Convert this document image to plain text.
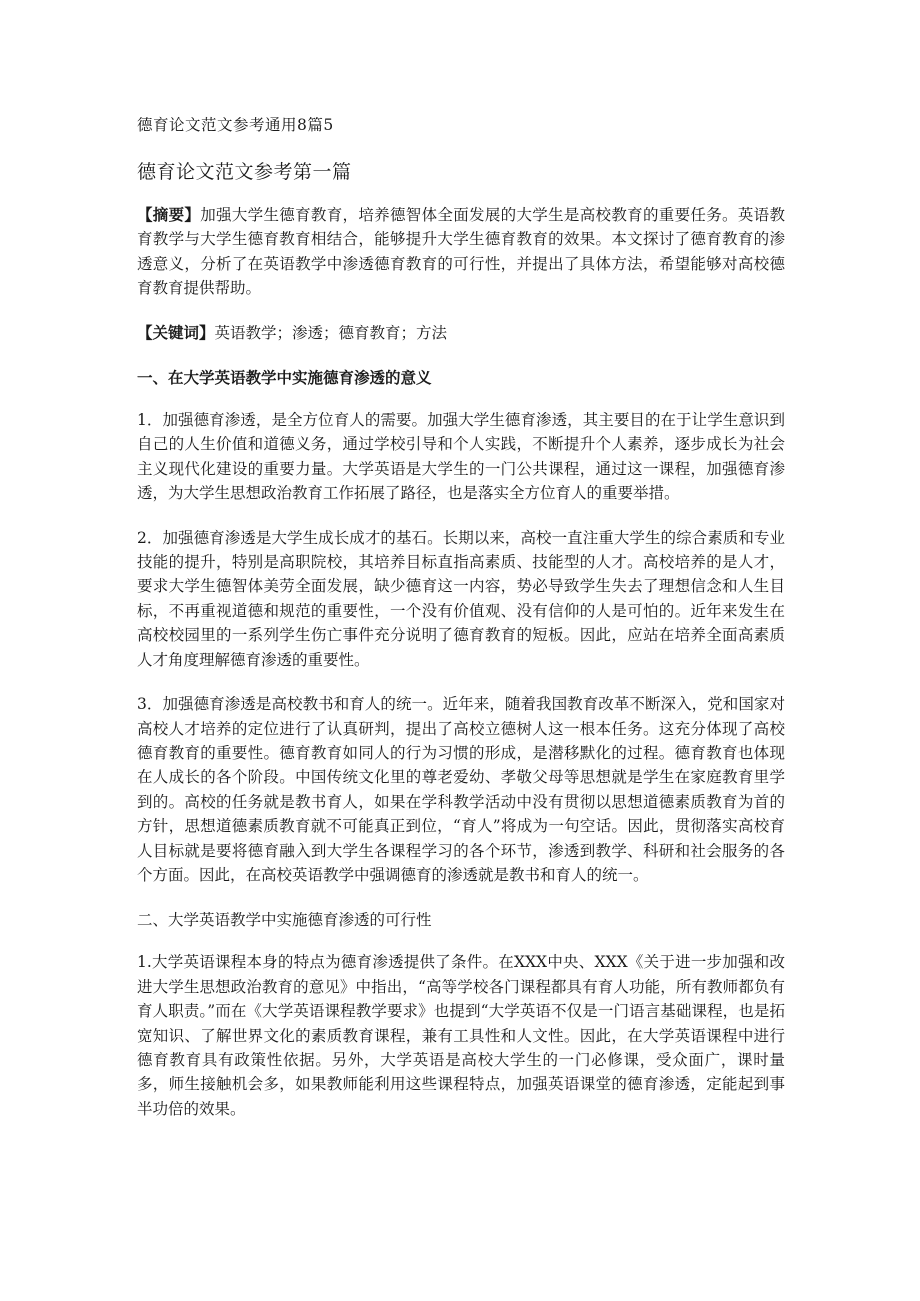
德育论文范文参考通用8篇5
德育论文范文参考第一篇

【摘要】加强大学生德育教育，培养德智体全面发展的大学生是高校教育的重要任务。英语教育教学与大学生德育教育相结合，能够提升大学生德育教育的效果。本文探讨了德育教育的渗透意义，分析了在英语教学中渗透德育教育的可行性，并提出了具体方法，希望能够对高校德育教育提供帮助。

【关键词】英语教学；渗透；德育教育；方法

一、在大学英语教学中实施德育渗透的意义

1．加强德育渗透，是全方位育人的需要。加强大学生德育渗透，其主要目的在于让学生意识到自己的人生价值和道德义务，通过学校引导和个人实践，不断提升个人素养，逐步成长为社会主义现代化建设的重要力量。大学英语是大学生的一门公共课程，通过这一课程，加强德育渗透，为大学生思想政治教育工作拓展了路径，也是落实全方位育人的重要举措。

2．加强德育渗透是大学生成长成才的基石。长期以来，高校一直注重大学生的综合素质和专业技能的提升，特别是高职院校，其培养目标直指高素质、技能型的人才。高校培养的是人才，要求大学生德智体美劳全面发展，缺少德育这一内容，势必导致学生失去了理想信念和人生目标，不再重视道德和规范的重要性，一个没有价值观、没有信仰的人是可怕的。近年来发生在高校校园里的一系列学生伤亡事件充分说明了德育教育的短板。因此，应站在培养全面高素质人才角度理解德育渗透的重要性。

3．加强德育渗透是高校教书和育人的统一。近年来，随着我国教育改革不断深入，党和国家对高校人才培养的定位进行了认真研判，提出了高校立德树人这一根本任务。这充分体现了高校德育教育的重要性。德育教育如同人的行为习惯的形成，是潜移默化的过程。德育教育也体现在人成长的各个阶段。中国传统文化里的尊老爱幼、孝敬父母等思想就是学生在家庭教育里学到的。高校的任务就是教书育人，如果在学科教学活动中没有贯彻以思想道德素质教育为首的方针，思想道德素质教育就不可能真正到位，“育人”将成为一句空话。因此，贯彻落实高校育人目标就是要将德育融入到大学生各课程学习的各个环节，渗透到教学、科研和社会服务的各个方面。因此，在高校英语教学中强调德育的渗透就是教书和育人的统一。

二、大学英语教学中实施德育渗透的可行性

1.大学英语课程本身的特点为德育渗透提供了条件。在XXX中央、XXX《关于进一步加强和改进大学生思想政治教育的意见》中指出，“高等学校各门课程都具有育人功能，所有教师都负有育人职责。”而在《大学英语课程教学要求》也提到“大学英语不仅是一门语言基础课程，也是拓宽知识、了解世界文化的素质教育课程，兼有工具性和人文性。因此，在大学英语课程中进行德育教育具有政策性依据。另外，大学英语是高校大学生的一门必修课，受众面广，课时量多，师生接触机会多，如果教师能利用这些课程特点，加强英语课堂的德育渗透，定能起到事半功倍的效果。
